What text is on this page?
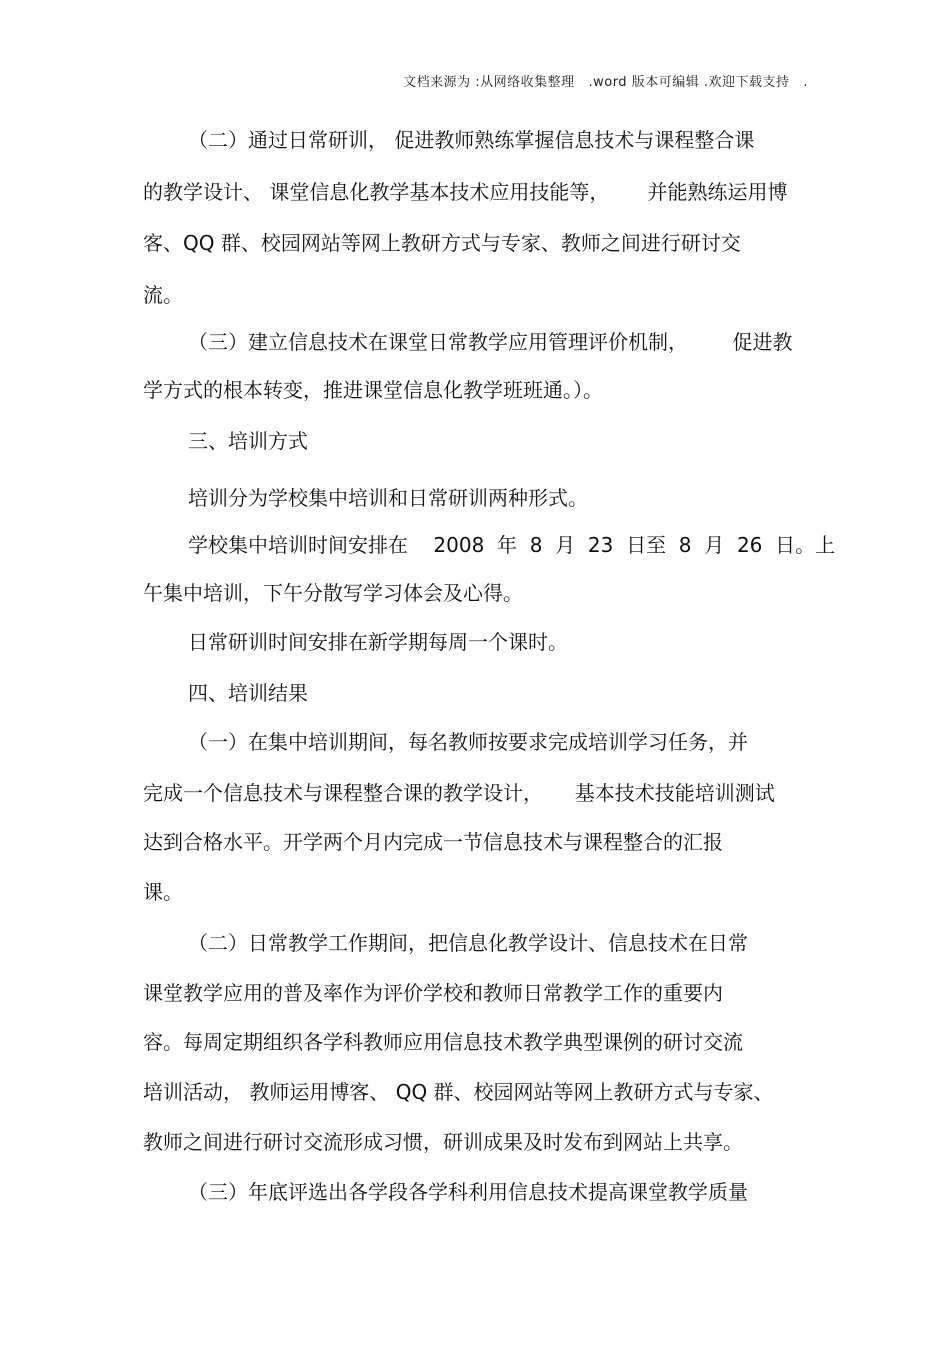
文档来源为 :从网络收集整理   .word 版本可编辑 .欢迎下载支持   .
（二）通过日常研训， 促进教师熟练掌握信息技术与课程整合课
的教学设计、 课堂信息化教学基本技术应用技能等，      并能熟练运用博
客、QQ 群、校园网站等网上教研方式与专家、教师之间进行研讨交
流。
（三）建立信息技术在课堂日常教学应用管理评价机制，       促进教
学方式的根本转变，推进课堂信息化教学班班通。）。
三、培训方式
培训分为学校集中培训和日常研训两种形式。
学校集中培训时间安排在    2008  年  8  月  23  日至  8  月  26  日。上
午集中培训，下午分散写学习体会及心得。
日常研训时间安排在新学期每周一个课时。
四、培训结果
（一）在集中培训期间，每名教师按要求完成培训学习任务，并
完成一个信息技术与课程整合课的教学设计，     基本技术技能培训测试
达到合格水平。开学两个月内完成一节信息技术与课程整合的汇报
课。
（二）日常教学工作期间，把信息化教学设计、信息技术在日常
课堂教学应用的普及率作为评价学校和教师日常教学工作的重要内
容。每周定期组织各学科教师应用信息技术教学典型课例的研讨交流
培训活动， 教师运用博客、 QQ 群、校园网站等网上教研方式与专家、
教师之间进行研讨交流形成习惯，研训成果及时发布到网站上共享。
（三）年底评选出各学段各学科利用信息技术提高课堂教学质量
